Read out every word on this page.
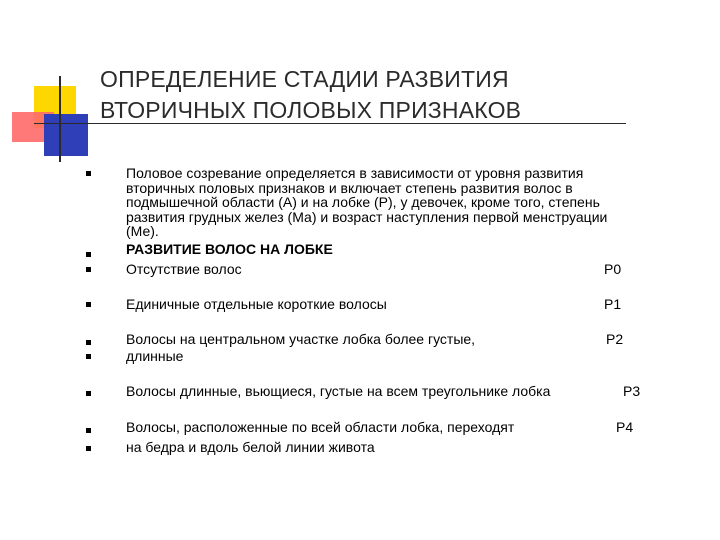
ОПРЕДЕЛЕНИЕ СТАДИИ РАЗВИТИЯ
ВТОРИЧНЫХ ПОЛОВЫХ ПРИЗНАКОВ
Половое созревание определяется в зависимости от уровня развития
вторичных половых признаков и включает степень развития волос в
подмышечной области (А) и на лобке (Р), у девочек, кроме того, степень
развития грудных желез (Ма) и возраст наступления первой менструации
(Ме).
РАЗВИТИЕ ВОЛОС НА ЛОБКЕ
Отсутствие волос	P0
Единичные отдельные короткие волосы	P1
Волосы на центральном участке лобка более густые,	P2
длинные
Волосы длинные, вьющиеся, густые на всем треугольнике лобка	P3
Волосы, расположенные по всей области лобка, переходят	P4
на бедра и вдоль белой линии живота
